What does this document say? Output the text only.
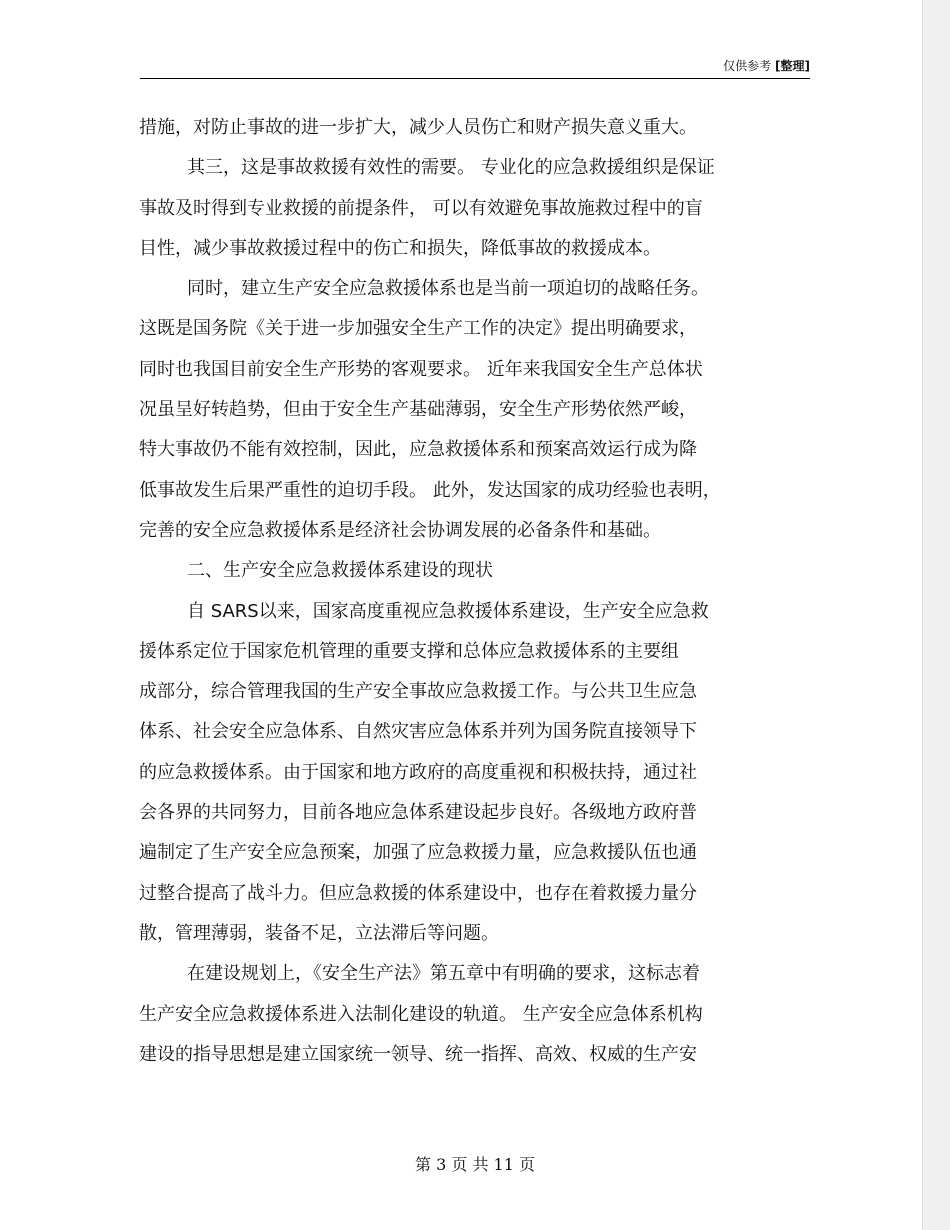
仅供参考 [整理]
措施，对防止事故的进一步扩大，减少人员伤亡和财产损失意义重大。
其三，这是事故救援有效性的需要。 专业化的应急救援组织是保证
事故及时得到专业救援的前提条件， 可以有效避免事故施救过程中的盲
目性，减少事故救援过程中的伤亡和损失，降低事故的救援成本。
同时，建立生产安全应急救援体系也是当前一项迫切的战略任务。
这既是国务院《关于进一步加强安全生产工作的决定》提出明确要求，
同时也我国目前安全生产形势的客观要求。 近年来我国安全生产总体状
况虽呈好转趋势，但由于安全生产基础薄弱，安全生产形势依然严峻，
特大事故仍不能有效控制，因此，应急救援体系和预案高效运行成为降
低事故发生后果严重性的迫切手段。 此外，发达国家的成功经验也表明，
完善的安全应急救援体系是经济社会协调发展的必备条件和基础。
二、生产安全应急救援体系建设的现状
自 SARS以来，国家高度重视应急救援体系建设，生产安全应急救
援体系定位于国家危机管理的重要支撑和总体应急救援体系的主要组
成部分，综合管理我国的生产安全事故应急救援工作。与公共卫生应急
体系、社会安全应急体系、自然灾害应急体系并列为国务院直接领导下
的应急救援体系。由于国家和地方政府的高度重视和积极扶持，通过社
会各界的共同努力，目前各地应急体系建设起步良好。各级地方政府普
遍制定了生产安全应急预案，加强了应急救援力量，应急救援队伍也通
过整合提高了战斗力。但应急救援的体系建设中，也存在着救援力量分
散，管理薄弱，装备不足，立法滞后等问题。
在建设规划上，《安全生产法》第五章中有明确的要求，这标志着
生产安全应急救援体系进入法制化建设的轨道。 生产安全应急体系机构
建设的指导思想是建立国家统一领导、统一指挥、高效、权威的生产安
第 3 页 共 11 页
